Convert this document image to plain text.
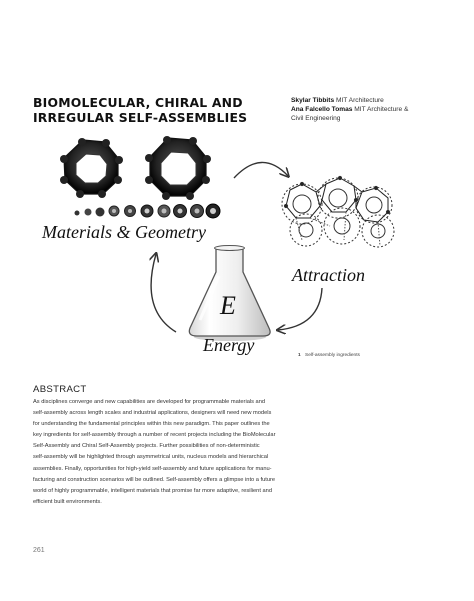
BIOMOLECULAR, CHIRAL AND
IRREGULAR SELF-ASSEMBLIES
Skylar Tibbits MIT Architecture
Ana Falcello Tomas MIT Architecture &
Civil Engineering
Materials & Geometry
Attraction
E
Energy
1 Self-assembly ingredients
ABSTRACT
As disciplines converge and new capabilities are developed for programmable materials and
self-assembly across length scales and industrial applications, designers will need new models
for understanding the fundamental principles within this new paradigm. This paper outlines the
key ingredients for self-assembly through a number of recent projects including the BioMolecular
Self-Assembly and Chiral Self-Assembly projects. Further possibilities of non-deterministic
self-assembly will be highlighted through asymmetrical units, nucleus models and hierarchical
assemblies. Finally, opportunities for high-yield self-assembly and future applications for manu-
facturing and construction scenarios will be outlined. Self-assembly offers a glimpse into a future
world of highly programmable, intelligent materials that promise far more adaptive, resilient and
efficient built environments.
261
